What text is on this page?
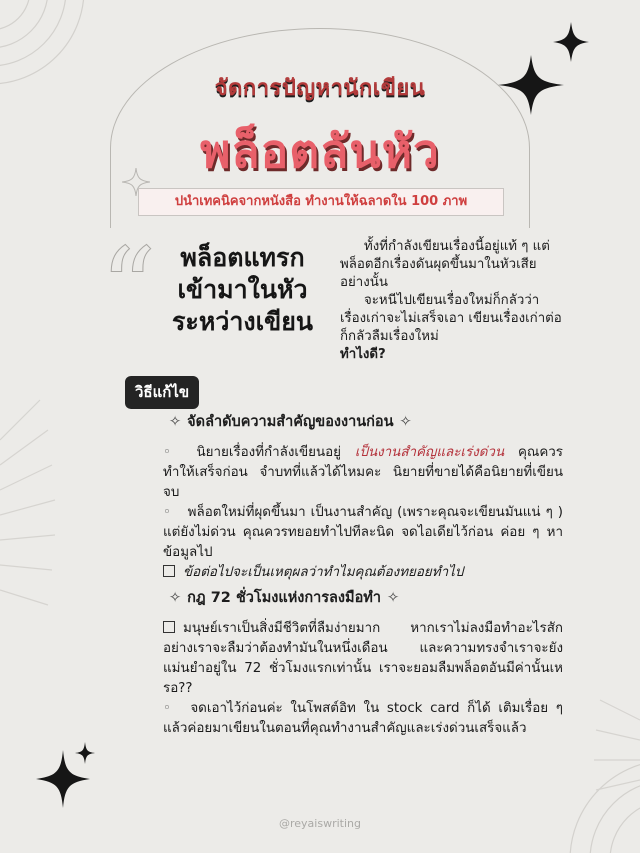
จัดการปัญหานักเขียน
พล็อตลันหัว
ปนำเทคนิคจากหนังสือ ทำงานให้ฉลาดใน 100 ภาพ
“ พล็อตแทรก
เข้ามาในหัว
ระหว่างเขียน

ทั้งที่กำลังเขียนเรื่องนี้อยู่แท้ ๆ แต่พล็อตอีกเรื่องดันผุดขึ้นมาในหัวเสียอย่างนั้น

จะหนีไปเขียนเรื่องใหม่ก็กลัวว่าเรื่องเก่าจะไม่เสร็จเอา เขียนเรื่องเก่าต่อก็กลัวลืมเรื่องใหม่

ทำไงดี?

วิธีแก้ไข
✧ จัดลำดับความสำคัญของงานก่อน ✧

◦ นิยายเรื่องที่กำลังเขียนอยู่ เป็นงานสำคัญและเร่งด่วน คุณควรทำให้เสร็จก่อน จำบทที่แล้วได้ไหมคะ นิยายที่ขายได้คือนิยายที่เขียนจบ

◦ พล็อตใหม่ที่ผุดขึ้นมา เป็นงานสำคัญ (เพราะคุณจะเขียนมันแน่ ๆ ) แต่ยังไม่ด่วน คุณควรทยอยทำไปทีละนิด จดไอเดียไว้ก่อน ค่อย ๆ หาข้อมูลไป

ข้อต่อไปจะเป็นเหตุผลว่าทำไมคุณต้องทยอยทำไป

✧ กฎ 72 ชั่วโมงแห่งการลงมือทำ ✧

มนุษย์เราเป็นสิ่งมีชีวิตที่ลืมง่ายมาก หากเราไม่ลงมือทำอะไรสักอย่างเราจะลืมว่าต้องทำมันในหนึ่งเดือน และความทรงจำเราจะยังแม่นยำอยู่ใน 72 ชั่วโมงแรกเท่านั้น เราจะยอมลืมพล็อตอันมีค่านั้นเหรอ??

◦ จดเอาไว้ก่อนค่ะ ในโพสต์อิท ใน stock card ก็ได้ เติมเรื่อย ๆ แล้วค่อยมาเขียนในตอนที่คุณทำงานสำคัญและเร่งด่วนเสร็จแล้ว

@reyaiswriting
